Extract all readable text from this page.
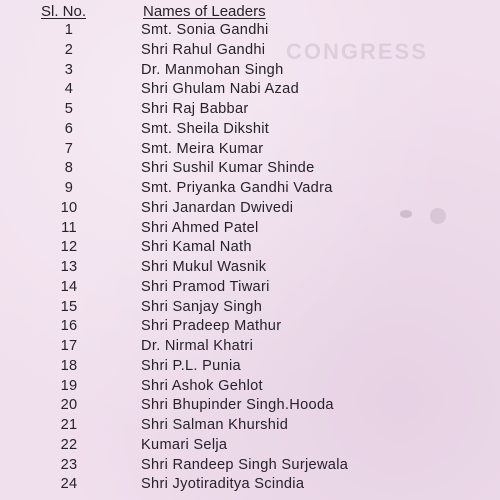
CONGRESS
Sl. No.	Names of Leaders
1	Smt. Sonia Gandhi
2	Shri Rahul Gandhi
3	Dr. Manmohan Singh
4	Shri Ghulam Nabi Azad
5	Shri Raj Babbar
6	Smt. Sheila Dikshit
7	Smt. Meira Kumar
8	Shri Sushil Kumar Shinde
9	Smt. Priyanka Gandhi Vadra
10	Shri Janardan Dwivedi
11	Shri Ahmed Patel
12	Shri Kamal Nath
13	Shri Mukul Wasnik
14	Shri Pramod Tiwari
15	Shri Sanjay Singh
16	Shri Pradeep Mathur
17	Dr. Nirmal Khatri
18	Shri P.L. Punia
19	Shri Ashok Gehlot
20	Shri Bhupinder Singh.Hooda
21	Shri Salman Khurshid
22	Kumari Selja
23	Shri Randeep Singh Surjewala
24	Shri Jyotiraditya Scindia
